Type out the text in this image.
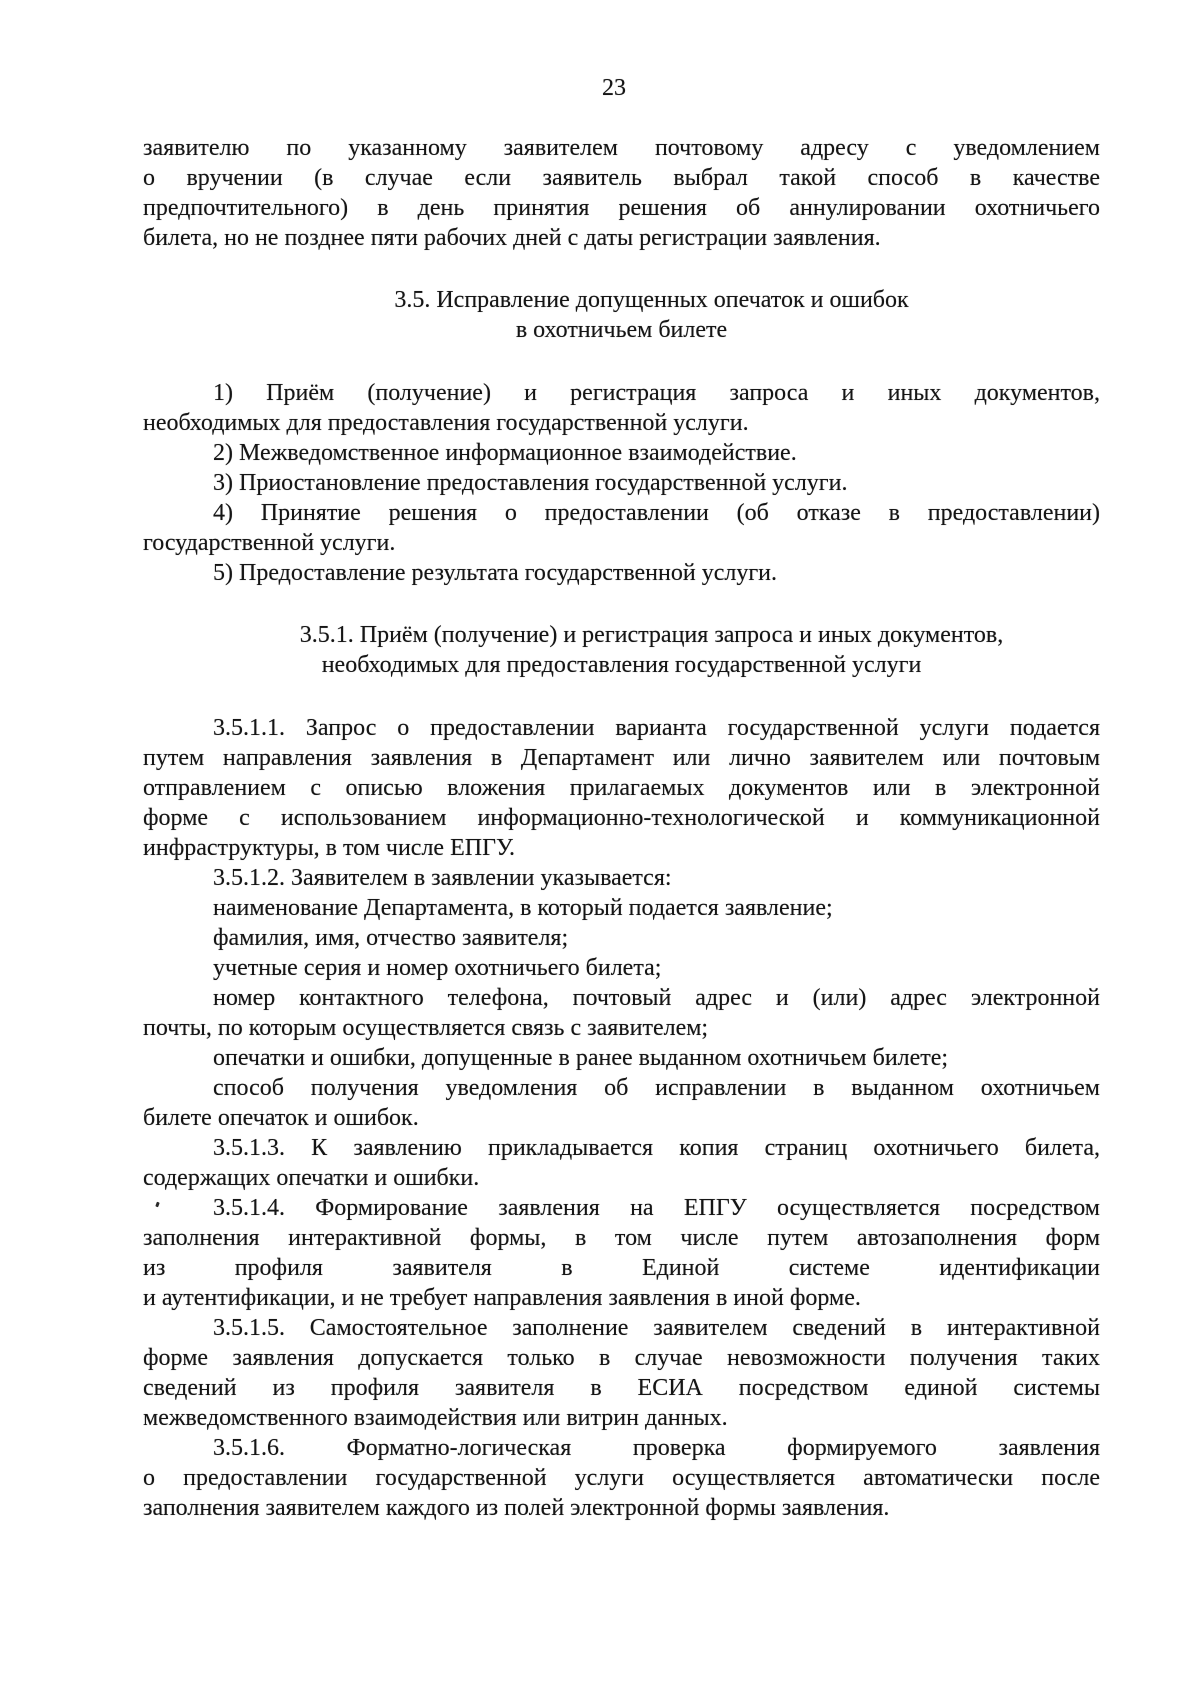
23
заявителю по указанному заявителем почтовому адресу с уведомлением
о вручении (в случае если заявитель выбрал такой способ в качестве
предпочтительного) в день принятия решения об аннулировании охотничьего
билета, но не позднее пяти рабочих дней с даты регистрации заявления.
3.5. Исправление допущенных опечаток и ошибок
в охотничьем билете
1) Приём (получение) и регистрация запроса и иных документов,
необходимых для предоставления государственной услуги.
2) Межведомственное информационное взаимодействие.
3) Приостановление предоставления государственной услуги.
4) Принятие решения о предоставлении (об отказе в предоставлении)
государственной услуги.
5) Предоставление результата государственной услуги.
3.5.1. Приём (получение) и регистрация запроса и иных документов,
необходимых для предоставления государственной услуги
3.5.1.1. Запрос о предоставлении варианта государственной услуги подается
путем направления заявления в Департамент или лично заявителем или почтовым
отправлением с описью вложения прилагаемых документов или в электронной
форме с использованием информационно-технологической и коммуникационной
инфраструктуры, в том числе ЕПГУ.
3.5.1.2. Заявителем в заявлении указывается:
наименование Департамента, в который подается заявление;
фамилия, имя, отчество заявителя;
учетные серия и номер охотничьего билета;
номер контактного телефона, почтовый адрес и (или) адрес электронной
почты, по которым осуществляется связь с заявителем;
опечатки и ошибки, допущенные в ранее выданном охотничьем билете;
способ получения уведомления об исправлении в выданном охотничьем
билете опечаток и ошибок.
3.5.1.3. К заявлению прикладывается копия страниц охотничьего билета,
содержащих опечатки и ошибки.
3.5.1.4. Формирование заявления на ЕПГУ осуществляется посредством
заполнения интерактивной формы, в том числе путем автозаполнения форм
из профиля заявителя в Единой системе идентификации
и аутентификации, и не требует направления заявления в иной форме.
3.5.1.5. Самостоятельное заполнение заявителем сведений в интерактивной
форме заявления допускается только в случае невозможности получения таких
сведений из профиля заявителя в ЕСИА посредством единой системы
межведомственного взаимодействия или витрин данных.
3.5.1.6. Форматно-логическая проверка формируемого заявления
о предоставлении государственной услуги осуществляется автоматически после
заполнения заявителем каждого из полей электронной формы заявления.
